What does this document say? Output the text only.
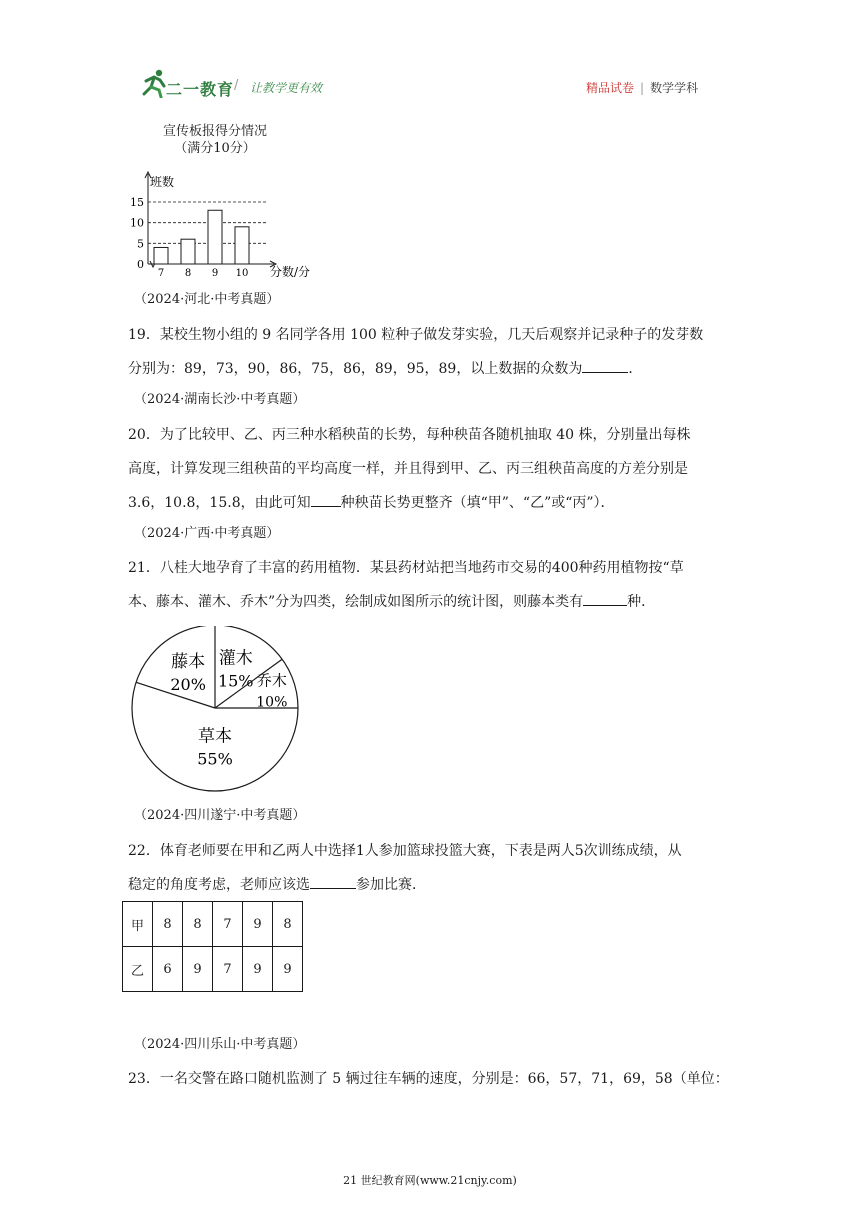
二一教育 / 让教学更有效	精品试卷 | 数学学科
宣传板报得分情况
（满分10分）
0
5
10
15
班数
7 8 9 10 分数/分
（2024·河北·中考真题）
19．某校生物小组的 9 名同学各用 100 粒种子做发芽实验，几天后观察并记录种子的发芽数
分别为：89，73，90，86，75，86，89，95，89，以上数据的众数为	．
（2024·湖南长沙·中考真题）
20．为了比较甲、乙、丙三种水稻秧苗的长势，每种秧苗各随机抽取 40 株，分别量出每株
高度，计算发现三组秧苗的平均高度一样，并且得到甲、乙、丙三组秧苗高度的方差分别是
3.6，10.8，15.8，由此可知 种秧苗长势更整齐（填“甲”、“乙”或“丙”）．
（2024·广西·中考真题）
21．八桂大地孕育了丰富的药用植物．某县药材站把当地药市交易的400种药用植物按“草
本、藤本、灌木、乔木”分为四类，绘制成如图所示的统计图，则藤本类有	种．
乔木
10%
灌木
15%
藤本
20%
草本
55%
（2024·四川遂宁·中考真题）
22．体育老师要在甲和乙两人中选择1人参加篮球投篮大赛，下表是两人5次训练成绩，从
稳定的角度考虑，老师应该选	参加比赛．
甲	8	8	7	9	8
乙	6	9	7	9	9
（2024·四川乐山·中考真题）
23．一名交警在路口随机监测了 5 辆过往车辆的速度，分别是：66，57，71，69，58（单位：
21 世纪教育网(www.21cnjy.com)
